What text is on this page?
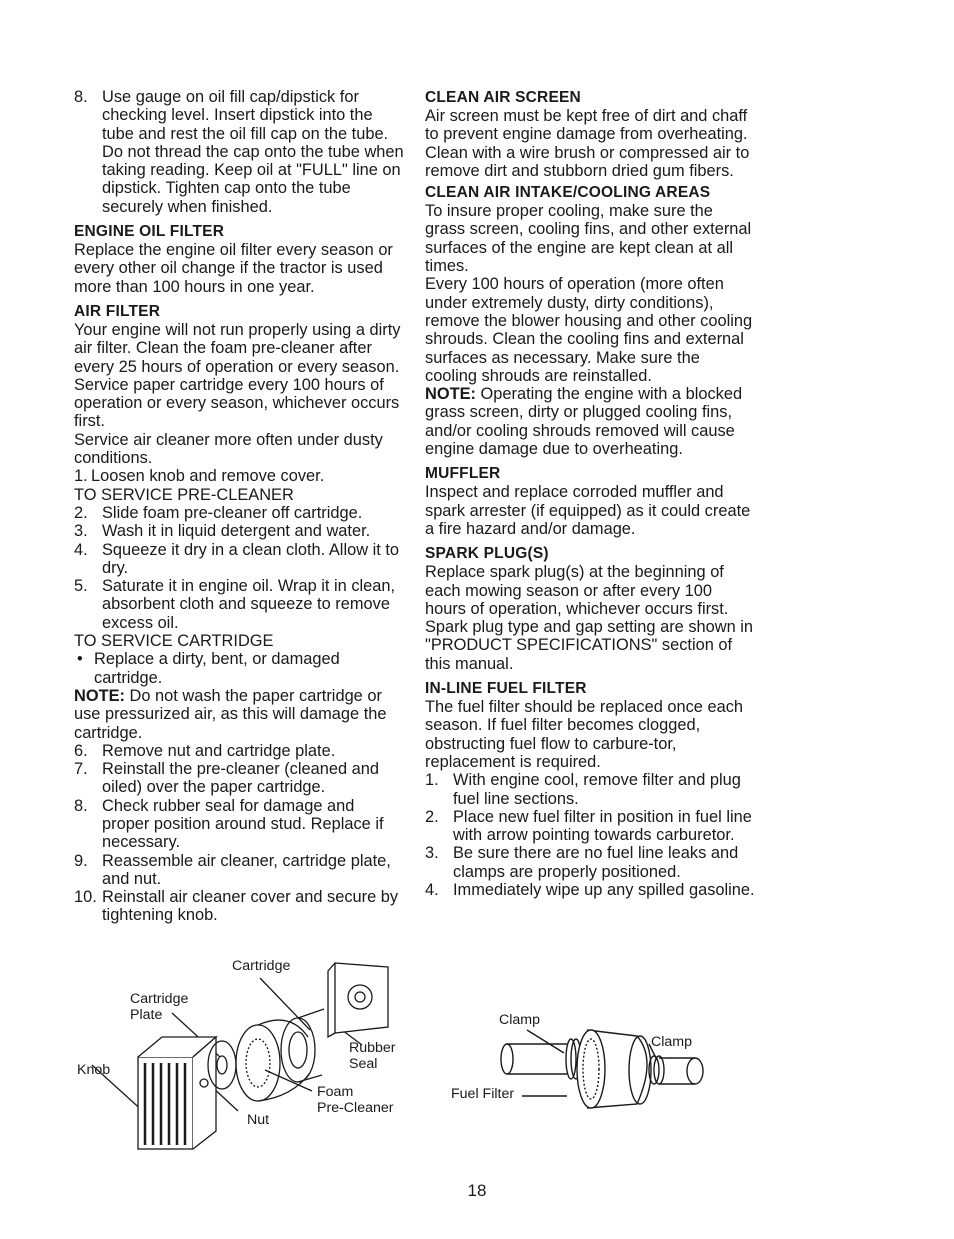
8. Use gauge on oil fill cap/dipstick for checking level. Insert dipstick into the tube and rest the oil fill cap on the tube. Do not thread the cap onto the tube when taking reading. Keep oil at "FULL" line on dipstick. Tighten cap onto the tube securely when finished.
ENGINE OIL FILTER

Replace the engine oil filter every season or every other oil change if the tractor is used more than 100 hours in one year.

AIR FILTER

Your engine will not run properly using a dirty air filter. Clean the foam pre-cleaner after every 25 hours of operation or every season. Service paper cartridge every 100 hours of operation or every season, whichever occurs first.

Service air cleaner more often under dusty conditions.

1. Loosen knob and remove cover.

TO SERVICE PRE-CLEANER

2. Slide foam pre-cleaner off cartridge.
3. Wash it in liquid detergent and water.
4. Squeeze it dry in a clean cloth. Allow it to dry.
5. Saturate it in engine oil. Wrap it in clean, absorbent cloth and squeeze to remove excess oil.

TO SERVICE CARTRIDGE

• Replace a dirty, bent, or damaged cartridge.

NOTE: Do not wash the paper cartridge or use pressurized air, as this will damage the cartridge.

6. Remove nut and cartridge plate.
7. Reinstall the pre-cleaner (cleaned and oiled) over the paper cartridge.
8. Check rubber seal for damage and proper position around stud. Replace if necessary.
9. Reassemble air cleaner, cartridge plate, and nut.
10. Reinstall air cleaner cover and secure by tightening knob.
CLEAN AIR SCREEN

Air screen must be kept free of dirt and chaff to prevent engine damage from overheating. Clean with a wire brush or compressed air to remove dirt and stubborn dried gum fibers.

CLEAN AIR INTAKE/COOLING AREAS

To insure proper cooling, make sure the grass screen, cooling fins, and other external surfaces of the engine are kept clean at all times.

Every 100 hours of operation (more often under extremely dusty, dirty conditions), remove the blower housing and other cooling shrouds. Clean the cooling fins and external surfaces as necessary. Make sure the cooling shrouds are reinstalled.

NOTE: Operating the engine with a blocked grass screen, dirty or plugged cooling fins, and/or cooling shrouds removed will cause engine damage due to overheating.

MUFFLER

Inspect and replace corroded muffler and spark arrester (if equipped) as it could create a fire hazard and/or damage.

SPARK PLUG(S)

Replace spark plug(s) at the beginning of each mowing season or after every 100 hours of operation, whichever occurs first. Spark plug type and gap setting are shown in "PRODUCT SPECIFICATIONS" section of this manual.

IN-LINE FUEL FILTER

The fuel filter should be replaced once each season. If fuel filter becomes clogged, obstructing fuel flow to carbure-tor, replacement is required.

1. With engine cool, remove filter and plug fuel line sections.
2. Place new fuel filter in position in fuel line with arrow pointing towards carburetor.
3. Be sure there are no fuel line leaks and clamps are properly positioned.
4. Immediately wipe up any spilled gasoline.
Cartridge
Cartridge
Plate
Knob
Rubber
Seal
Foam
Pre-Cleaner
Nut
Clamp
Clamp
Fuel Filter
18
